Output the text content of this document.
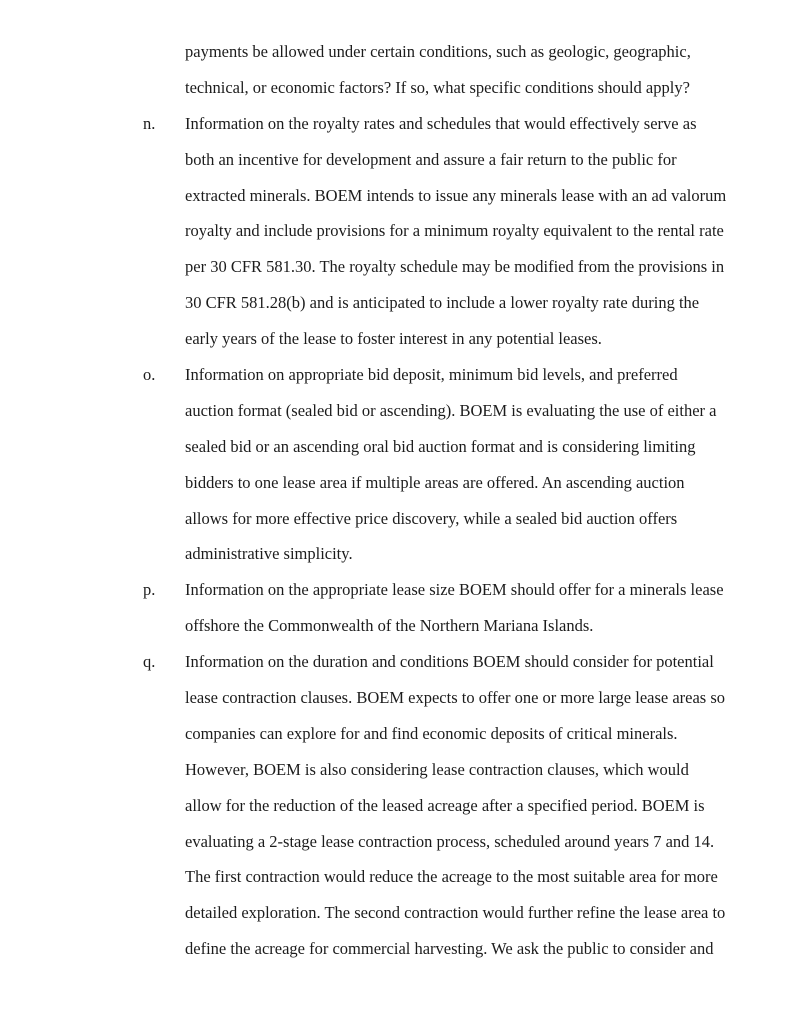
payments be allowed under certain conditions, such as geologic, geographic,
technical, or economic factors? If so, what specific conditions should apply?
n. Information on the royalty rates and schedules that would effectively serve as
both an incentive for development and assure a fair return to the public for
extracted minerals. BOEM intends to issue any minerals lease with an ad valorum
royalty and include provisions for a minimum royalty equivalent to the rental rate
per 30 CFR 581.30. The royalty schedule may be modified from the provisions in
30 CFR 581.28(b) and is anticipated to include a lower royalty rate during the
early years of the lease to foster interest in any potential leases.
o. Information on appropriate bid deposit, minimum bid levels, and preferred
auction format (sealed bid or ascending). BOEM is evaluating the use of either a
sealed bid or an ascending oral bid auction format and is considering limiting
bidders to one lease area if multiple areas are offered. An ascending auction
allows for more effective price discovery, while a sealed bid auction offers
administrative simplicity.
p. Information on the appropriate lease size BOEM should offer for a minerals lease
offshore the Commonwealth of the Northern Mariana Islands.
q. Information on the duration and conditions BOEM should consider for potential
lease contraction clauses. BOEM expects to offer one or more large lease areas so
companies can explore for and find economic deposits of critical minerals.
However, BOEM is also considering lease contraction clauses, which would
allow for the reduction of the leased acreage after a specified period. BOEM is
evaluating a 2-stage lease contraction process, scheduled around years 7 and 14.
The first contraction would reduce the acreage to the most suitable area for more
detailed exploration. The second contraction would further refine the lease area to
define the acreage for commercial harvesting. We ask the public to consider and
